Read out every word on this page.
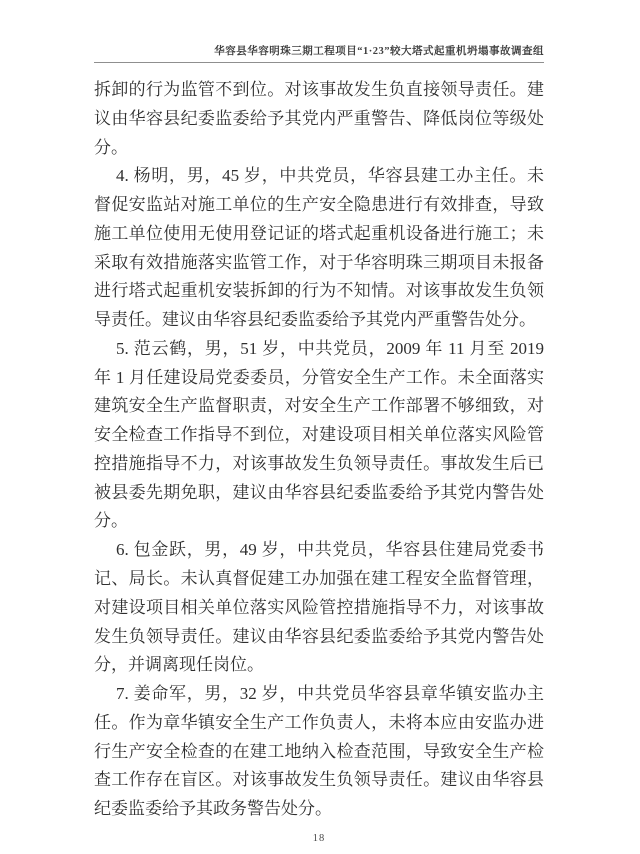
华容县华容明珠三期工程项目“1·23”较大塔式起重机坍塌事故调查组
拆卸的行为监管不到位。对该事故发生负直接领导责任。建
议由华容县纪委监委给予其党内严重警告、降低岗位等级处
分。
4. 杨明，男，45 岁，中共党员，华容县建工办主任。未
督促安监站对施工单位的生产安全隐患进行有效排查，导致
施工单位使用无使用登记证的塔式起重机设备进行施工；未
采取有效措施落实监管工作，对于华容明珠三期项目未报备
进行塔式起重机安装拆卸的行为不知情。对该事故发生负领
导责任。建议由华容县纪委监委给予其党内严重警告处分。
5. 范云鹤，男，51 岁，中共党员，2009 年 11 月至 2019
年 1 月任建设局党委委员，分管安全生产工作。未全面落实
建筑安全生产监督职责，对安全生产工作部署不够细致，对
安全检查工作指导不到位，对建设项目相关单位落实风险管
控措施指导不力，对该事故发生负领导责任。事故发生后已
被县委先期免职，建议由华容县纪委监委给予其党内警告处
分。
6. 包金跃，男，49 岁，中共党员，华容县住建局党委书
记、局长。未认真督促建工办加强在建工程安全监督管理，
对建设项目相关单位落实风险管控措施指导不力，对该事故
发生负领导责任。建议由华容县纪委监委给予其党内警告处
分，并调离现任岗位。
7. 姜命军，男，32 岁，中共党员华容县章华镇安监办主
任。作为章华镇安全生产工作负责人，未将本应由安监办进
行生产安全检查的在建工地纳入检查范围，导致安全生产检
查工作存在盲区。对该事故发生负领导责任。建议由华容县
纪委监委给予其政务警告处分。
18
